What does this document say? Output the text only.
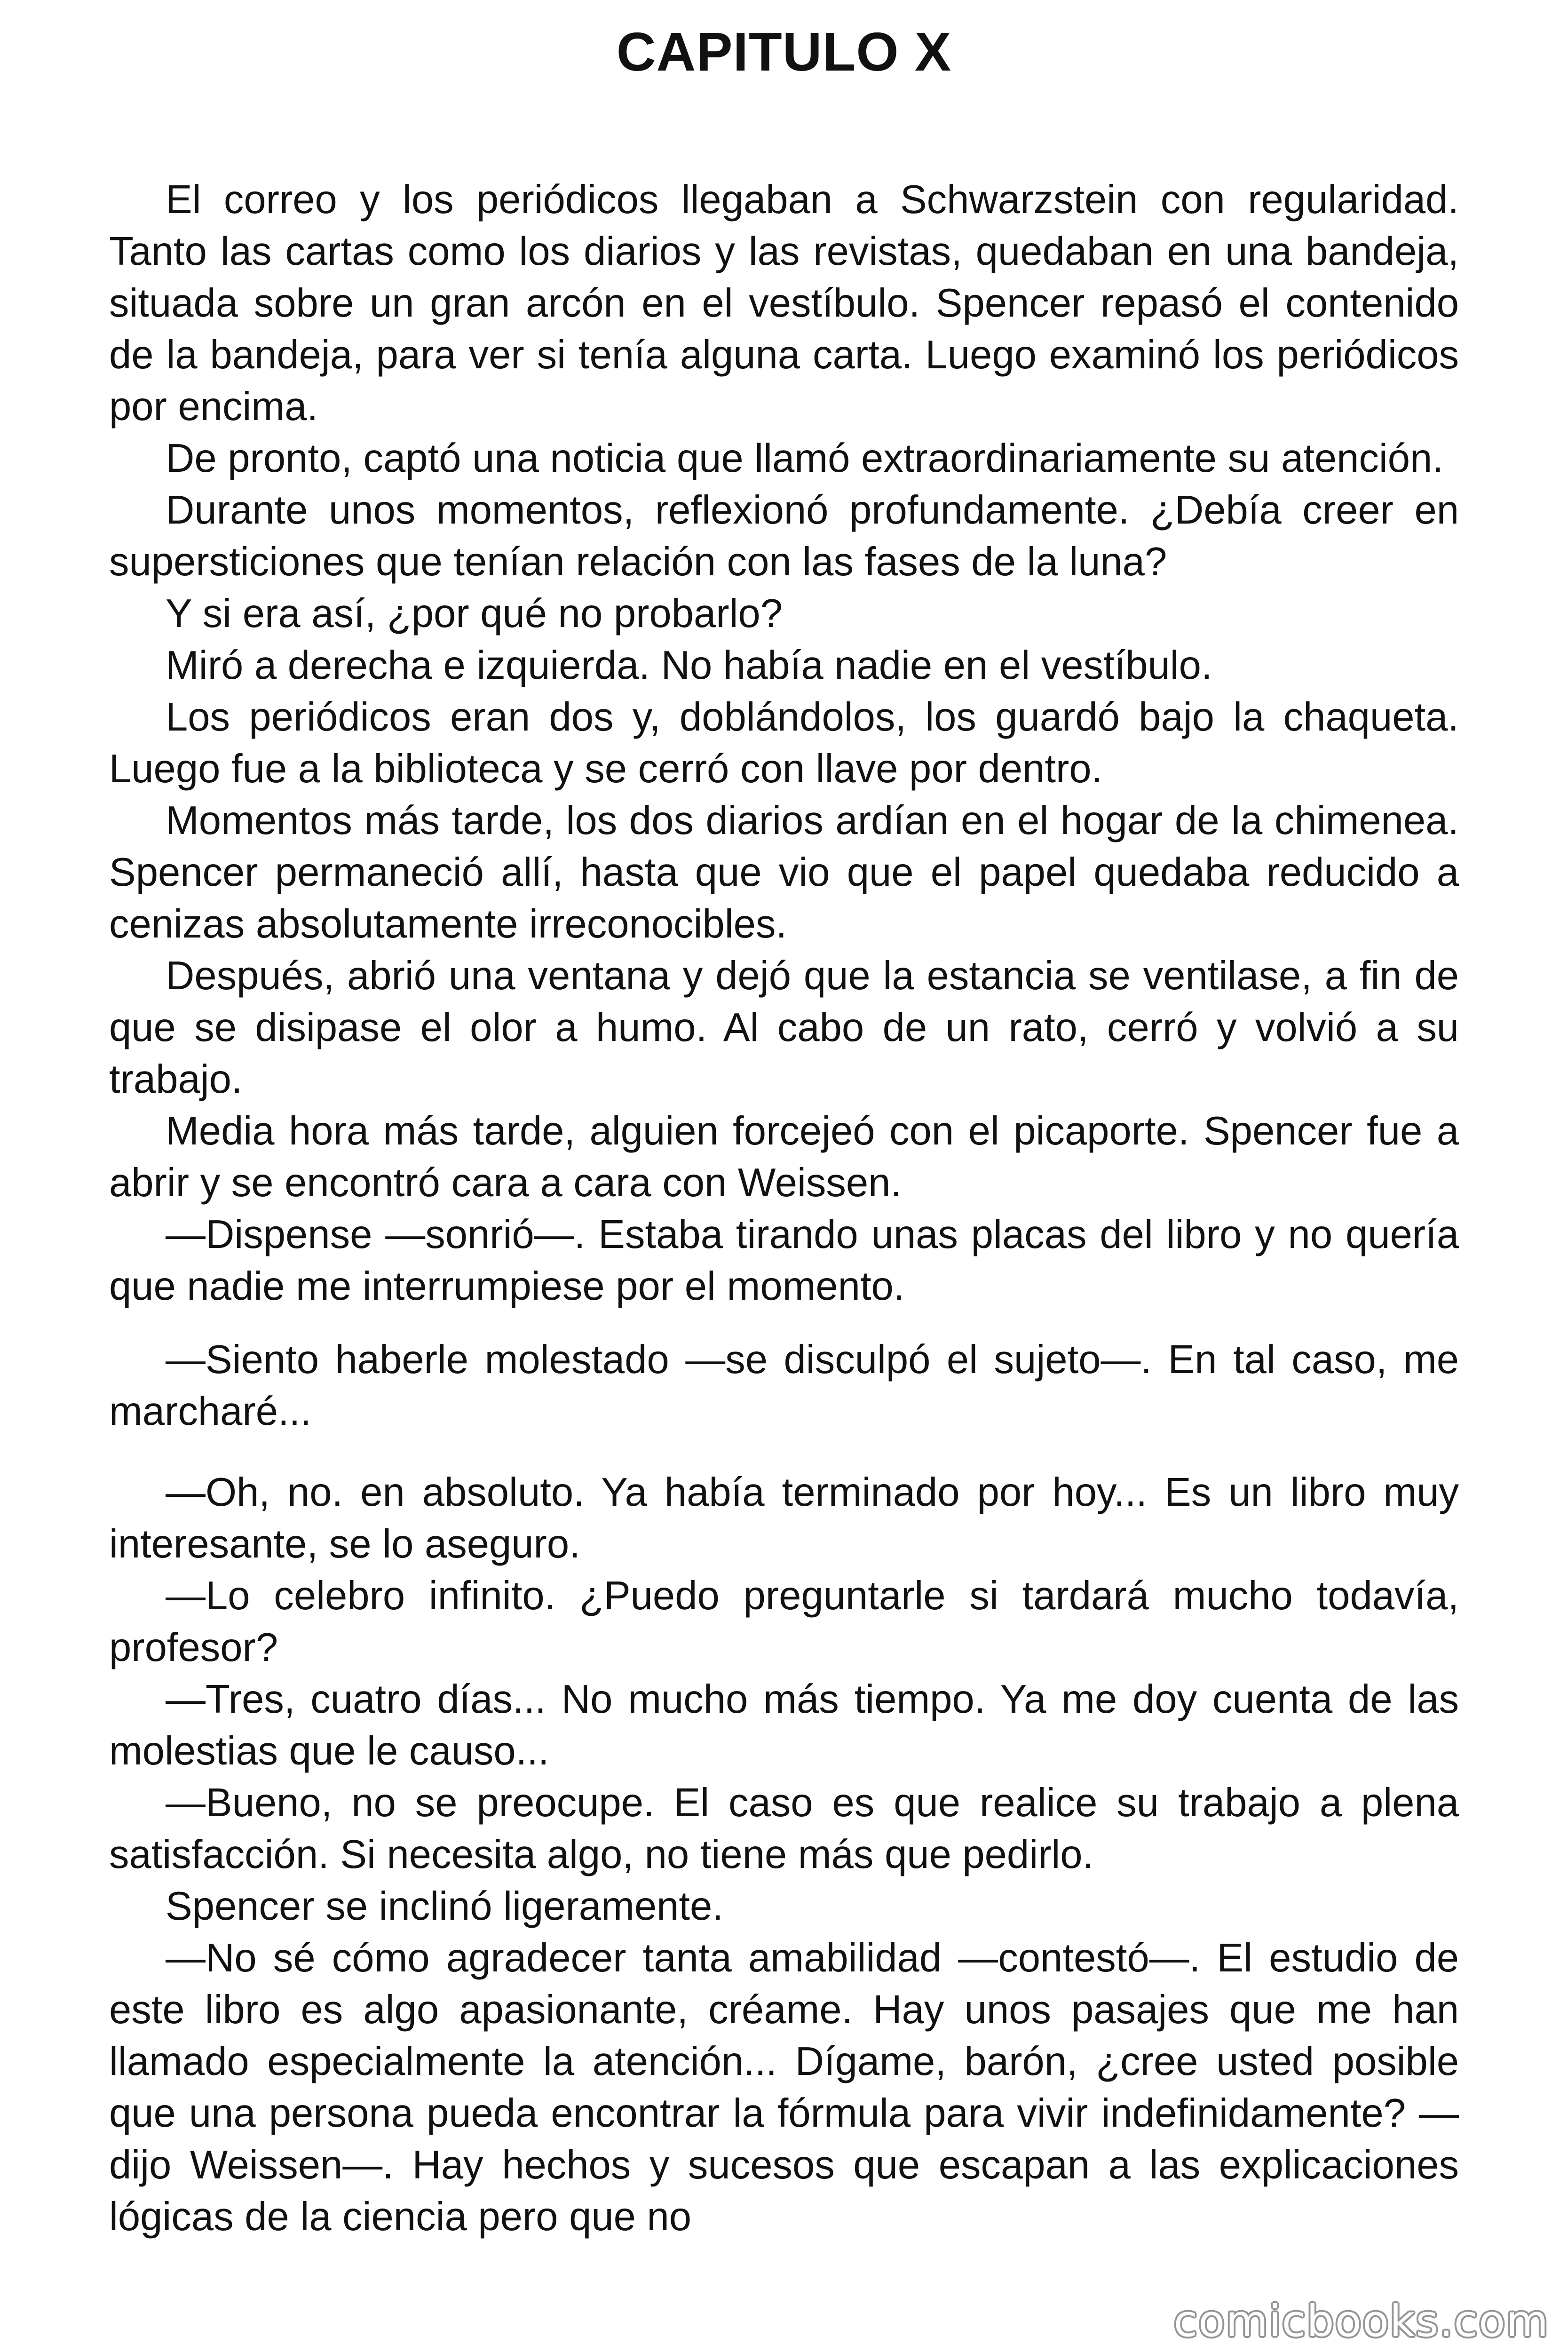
CAPITULO X

El correo y los periódicos llegaban a Schwarzstein con regularidad. Tanto las cartas como los diarios y las revistas, quedaban en una bandeja, situada sobre un gran arcón en el vestíbulo. Spencer repasó el contenido de la bandeja, para ver si tenía alguna carta. Luego examinó los periódicos por encima.

De pronto, captó una noticia que llamó extraordinariamente su atención.

Durante unos momentos, reflexionó profundamente. ¿Debía creer en supersticiones que tenían relación con las fases de la luna?

Y si era así, ¿por qué no probarlo?

Miró a derecha e izquierda. No había nadie en el vestíbulo.

Los periódicos eran dos y, doblándolos, los guardó bajo la chaqueta. Luego fue a la biblioteca y se cerró con llave por dentro.

Momentos más tarde, los dos diarios ardían en el hogar de la chimenea. Spencer permaneció allí, hasta que vio que el papel quedaba reducido a cenizas absolutamente irreconocibles.

Después, abrió una ventana y dejó que la estancia se ventilase, a fin de que se disipase el olor a humo. Al cabo de un rato, cerró y volvió a su trabajo.

Media hora más tarde, alguien forcejeó con el picaporte. Spencer fue a abrir y se encontró cara a cara con Weissen.

—Dispense —sonrió—. Estaba tirando unas placas del libro y no quería que nadie me interrumpiese por el momento.

—Siento haberle molestado —se disculpó el sujeto—. En tal caso, me marcharé...

—Oh, no. en absoluto. Ya había terminado por hoy... Es un libro muy interesante, se lo aseguro.

—Lo celebro infinito. ¿Puedo preguntarle si tardará mucho todavía, profesor?

—Tres, cuatro días... No mucho más tiempo. Ya me doy cuenta de las molestias que le causo...

—Bueno, no se preocupe. El caso es que realice su trabajo a plena satisfacción. Si necesita algo, no tiene más que pedirlo.

Spencer se inclinó ligeramente.

—No sé cómo agradecer tanta amabilidad —contestó—. El estudio de este libro es algo apasionante, créame. Hay unos pasajes que me han llamado especialmente la atención... Dígame, barón, ¿cree usted posible que una persona pueda encontrar la fórmula para vivir indefinidamente? —dijo Weissen—. Hay hechos y sucesos que escapan a las explicaciones lógicas de la ciencia pero que no

comicbooks.com
